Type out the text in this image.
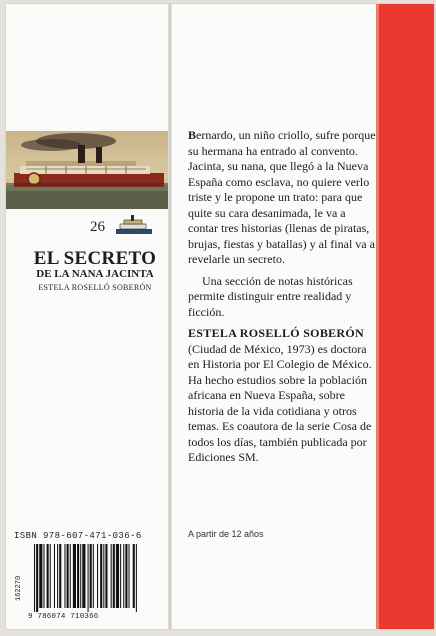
26
EL SECRETO
DE LA NANA JACINTA
ESTELA ROSELLÓ SOBERÓN

Bernardo, un niño criollo, sufre porque su hermana ha entrado al convento. Jacinta, su nana, que llegó a la Nueva España como esclava, no quiere verlo triste y le propone un trato: para que quite su cara desanimada, le va a contar tres historias (llenas de piratas, brujas, fiestas y batallas) y al final va a revelarle un secreto.

Una sección de notas históricas permite distinguir entre realidad y ficción.

ESTELA ROSELLÓ SOBERÓN (Ciudad de México, 1973) es doctora en Historia por El Colegio de México. Ha hecho estudios sobre la población africana en Nueva España, sobre historia de la vida cotidiana y otros temas. Es coautora de la serie Cosa de todos los días, también publicada por Ediciones SM.

A partir de 12 años
ISBN 978-607-471-036-6
162270
9 786074 710366
